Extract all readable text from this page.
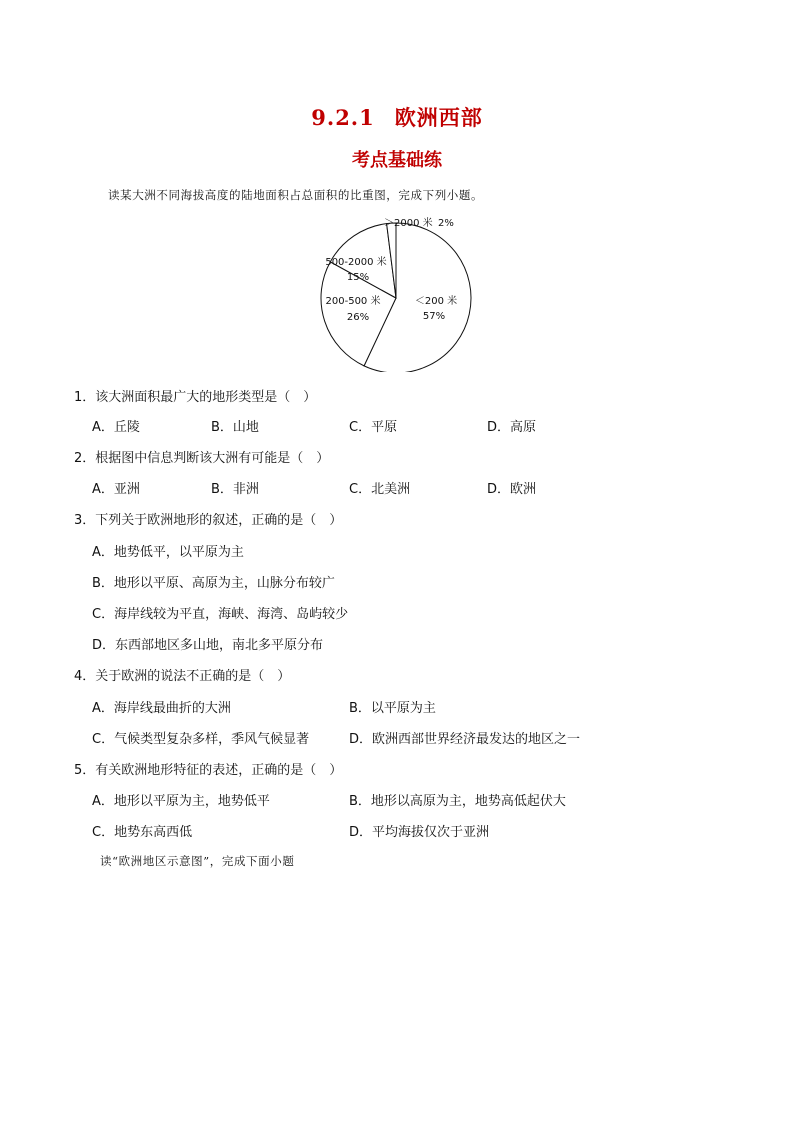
9.2.1 欧洲西部
考点基础练
读某大洲不同海拔高度的陆地面积占总面积的比重图，完成下列小题。
＜200 米
57%
200-500 米
26%
500-2000 米
15%
＞2000 米 2%
1．该大洲面积最广大的地形类型是（　）
A．丘陵	B．山地	C．平原	D．高原
2．根据图中信息判断该大洲有可能是（　）
A．亚洲	B．非洲	C．北美洲	D．欧洲
3．下列关于欧洲地形的叙述，正确的是（　）
A．地势低平，以平原为主
B．地形以平原、高原为主，山脉分布较广
C．海岸线较为平直，海峡、海湾、岛屿较少
D．东西部地区多山地，南北多平原分布
4．关于欧洲的说法不正确的是（　）
A．海岸线最曲折的大洲	B．以平原为主
C．气候类型复杂多样，季风气候显著	D．欧洲西部世界经济最发达的地区之一
5．有关欧洲地形特征的表述，正确的是（　）
A．地形以平原为主，地势低平	B．地形以高原为主，地势高低起伏大
C．地势东高西低	D．平均海拔仅次于亚洲
读“欧洲地区示意图”，完成下面小题
